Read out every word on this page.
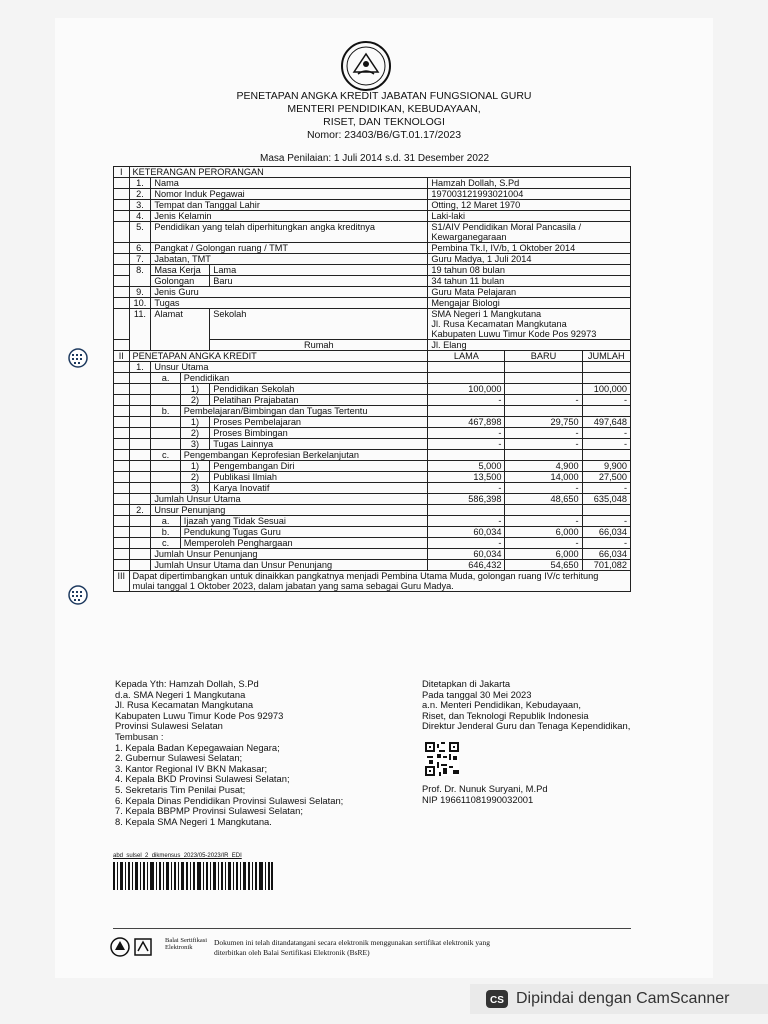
PENETAPAN ANGKA KREDIT JABATAN FUNGSIONAL GURU
MENTERI PENDIDIKAN, KEBUDAYAAN,
RISET, DAN TEKNOLOGI
Nomor: 23403/B6/GT.01.17/2023
Masa Penilaian: 1 Juli 2014 s.d. 31 Desember 2022
I	KETERANGAN PERORANGAN						
	1.	Nama			Hamzah Dollah, S.Pd		
	2.	Nomor Induk Pegawai			197003121993021004		
	3.	Tempat dan Tanggal Lahir			Otting, 12 Maret 1970		
	4.	Jenis Kelamin			Laki-laki		
	5.	Pendidikan yang telah diperhitungkan angka kreditnya			S1/AIV Pendidikan Moral Pancasila /
Kewarganegaraan		

	6.	Pangkat / Golongan ruang / TMT			Pembina Tk.I, IV/b, 1 Oktober 2014		
	7.	Jabatan, TMT			Guru Madya, 1 Juli 2014		
	8.	Masa Kerja		Lama	19 tahun 08 bulan		
		Golongan		Baru	34 tahun 11 bulan		
	9.	Jenis Guru			Guru Mata Pelajaran		
	10.	Tugas			Mengajar Biologi		
	11.	Alamat		Sekolah	SMA Negeri 1 Mangkutana
Jl. Rusa Kecamatan Mangkutana
Kabupaten Luwu Timur Kode Pos 92973		

				Rumah	Jl. Elang		
II	PENETAPAN ANGKA KREDIT				LAMA	BARU	JUMLAH
	1.	Unsur Utama					
		a.	Pendidikan				
			1)	Pendidikan Sekolah	100,000		100,000
			2)	Pelatihan Prajabatan	-	-	-
		b.	Pembelajaran/Bimbingan dan Tugas Tertentu				
			1)	Proses Pembelajaran	467,898	29,750	497,648
			2)	Proses Bimbingan	-	-	-
			3)	Tugas Lainnya	-	-	-
		c.	Pengembangan Keprofesian Berkelanjutan				
			1)	Pengembangan Diri	5,000	4,900	9,900
			2)	Publikasi Ilmiah	13,500	14,000	27,500
			3)	Karya Inovatif	-	-	-
		Jumlah Unsur Utama			586,398	48,650	635,048
	2.	Unsur Penunjang					
		a.	Ijazah yang Tidak Sesuai		-	-	-
		b.	Pendukung Tugas Guru		60,034	6,000	66,034
		c.	Memperoleh Penghargaan		-	-	-
		Jumlah Unsur Penunjang			60,034	6,000	66,034
		Jumlah Unsur Utama dan Unsur Penunjang			646,432	54,650	701,082
III	Dapat dipertimbangkan untuk dinaikkan pangkatnya menjadi Pembina Utama Muda, golongan ruang IV/c terhitung
mulai tanggal 1 Oktober 2023, dalam jabatan yang sama sebagai Guru Madya.						
Kepada Yth: Hamzah Dollah, S.Pd
d.a. SMA Negeri 1 Mangkutana
Jl. Rusa Kecamatan Mangkutana
Kabupaten Luwu Timur Kode Pos 92973
Provinsi Sulawesi Selatan
Tembusan :
1. Kepala Badan Kepegawaian Negara;
2. Gubernur Sulawesi Selatan;
3. Kantor Regional IV BKN Makasar;
4. Kepala BKD Provinsi Sulawesi Selatan;
5. Sekretaris Tim Penilai Pusat;
6. Kepala Dinas Pendidikan Provinsi Sulawesi Selatan;
7. Kepala BBPMP Provinsi Sulawesi Selatan;
8. Kepala SMA Negeri 1 Mangkutana.
Ditetapkan di Jakarta
Pada tanggal 30 Mei 2023
a.n. Menteri Pendidikan, Kebudayaan,
Riset, dan Teknologi Republik Indonesia
Direktur Jenderal Guru dan Tenaga Kependidikan,
Prof. Dr. Nunuk Suryani, M.Pd
NIP 196611081990032001
abd_sulsel_2_dikmensus_2023/05-2023/IR_EDI
Balai Sertifikasi Elektronik
Dokumen ini telah ditandatangani secara elektronik menggunakan sertifikat elektronik yang
diterbitkan oleh Balai Sertifikasi Elektronik (BsRE)
CS Dipindai dengan CamScanner
